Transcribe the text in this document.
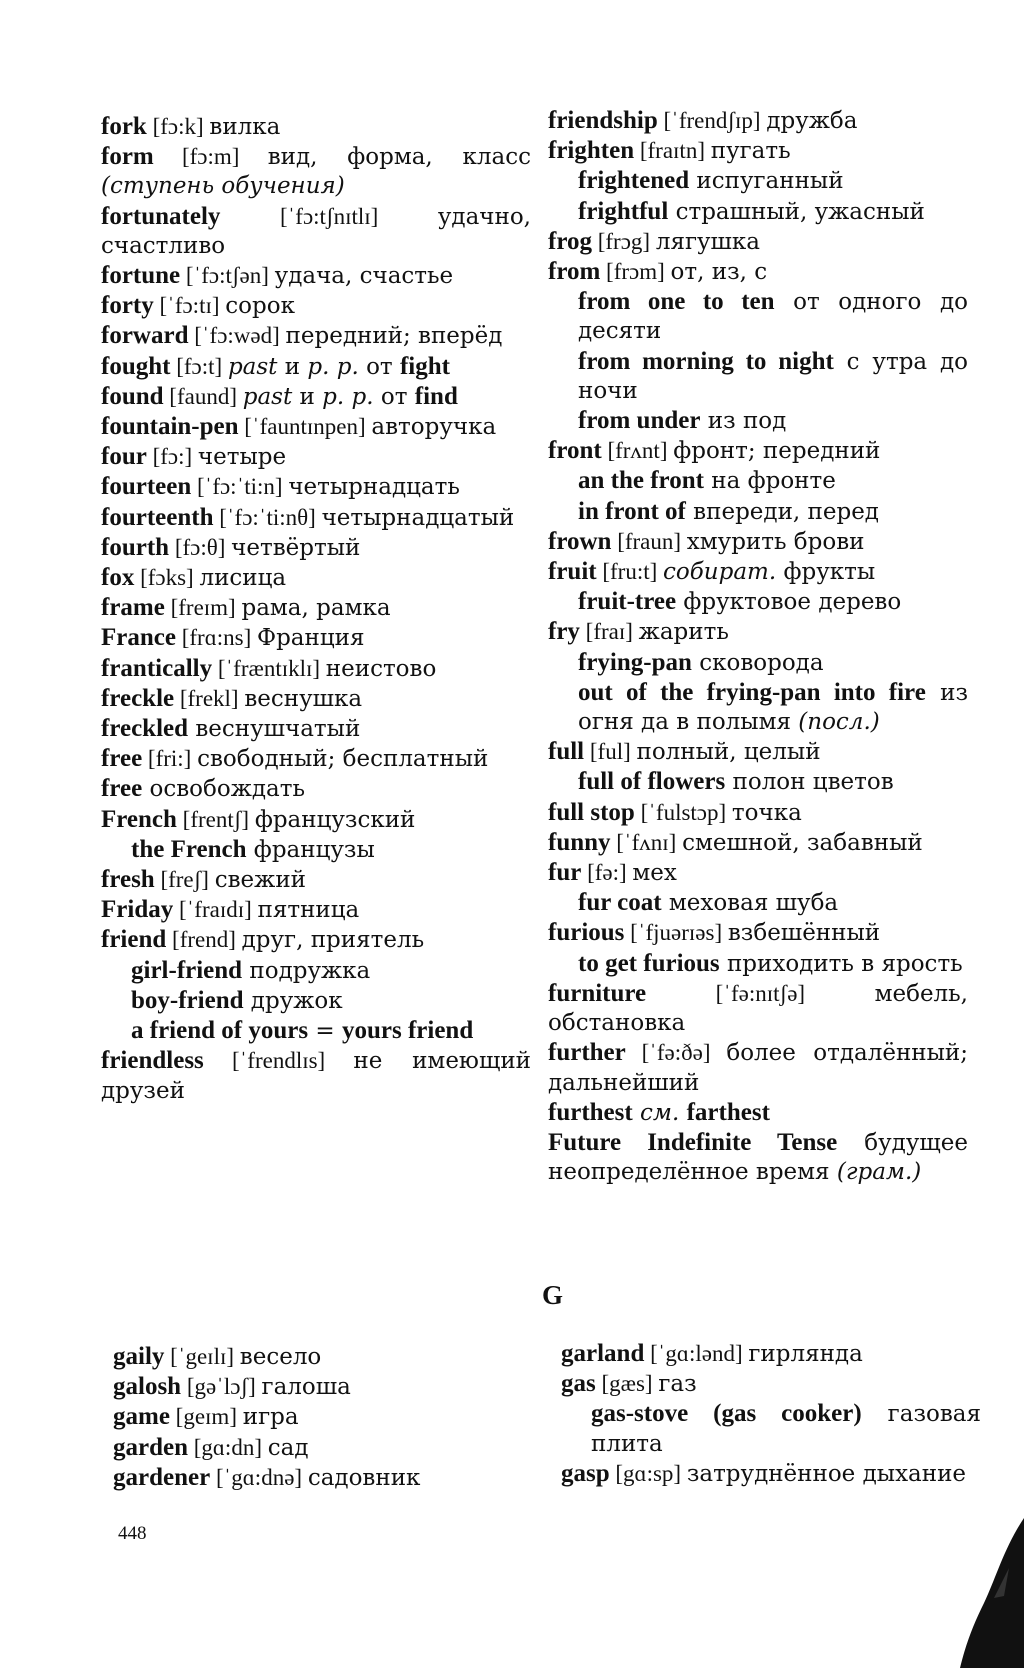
fork [fɔ:k] вилка
form [fɔ:m] вид, форма, класс (ступень обучения)
fortunately [ˈfɔ:tʃnɪtlɪ] удачно, счастливо
fortune [ˈfɔ:tʃən] удача, счастье
forty [ˈfɔ:tɪ] сорок
forward [ˈfɔ:wəd] передний; вперёд
fought [fɔ:t] past и p. p. от fight
found [faund] past и p. p. от find
fountain-pen [ˈfauntɪnpen] авторучка
four [fɔ:] четыре
fourteen [ˈfɔ:ˈti:n] четырнадцать
fourteenth [ˈfɔ:ˈti:nθ] четырнадцатый
fourth [fɔ:θ] четвёртый
fox [fɔks] лисица
frame [freɪm] рама, рамка
France [frɑ:ns] Франция
frantically [ˈfræntɪklɪ] неистово
freckle [frekl] веснушка
freckled веснушчатый
free [fri:] свободный; бесплатный
free освобождать
French [frentʃ] французский
the French французы
fresh [freʃ] свежий
Friday [ˈfraɪdɪ] пятница
friend [frend] друг, приятель
girl-friend подружка
boy-friend дружок
a friend of yours = yours friend
friendless [ˈfrendlɪs] не имеющий друзей
friendship [ˈfrendʃɪp] дружба
frighten [fraɪtn] пугать
frightened испуганный
frightful страшный, ужасный
frog [frɔg] лягушка
from [frɔm] от, из, с
from one to ten от одного до десяти
from morning to night с утра до ночи
from under из под
front [frʌnt] фронт; передний
an the front на фронте
in front of впереди, перед
frown [fraun] хмурить брови
fruit [fru:t] собират. фрукты
fruit-tree фруктовое дерево
fry [fraɪ] жарить
frying-pan сковорода
out of the frying-pan into fire из огня да в полымя (посл.)
full [ful] полный, целый
full of flowers полон цветов
full stop [ˈfulstɔp] точка
funny [ˈfʌnɪ] смешной, забавный
fur [fə:] мех
fur coat меховая шуба
furious [ˈfjuərɪəs] взбешённый
to get furious приходить в ярость
furniture [ˈfə:nɪtʃə] мебель, обстановка
further [ˈfə:ðə] более отдалённый; дальнейший
furthest см. farthest
Future Indefinite Tense будущее неопределённое время (грам.)
G
gaily [ˈgeɪlɪ] весело
galosh [gəˈlɔʃ] галоша
game [geɪm] игра
garden [gɑ:dn] сад
gardener [ˈgɑ:dnə] садовник
garland [ˈgɑ:lənd] гирлянда
gas [gæs] газ
gas-stove (gas cooker) газовая плита
gasp [gɑ:sp] затруднённое дыхание
448
